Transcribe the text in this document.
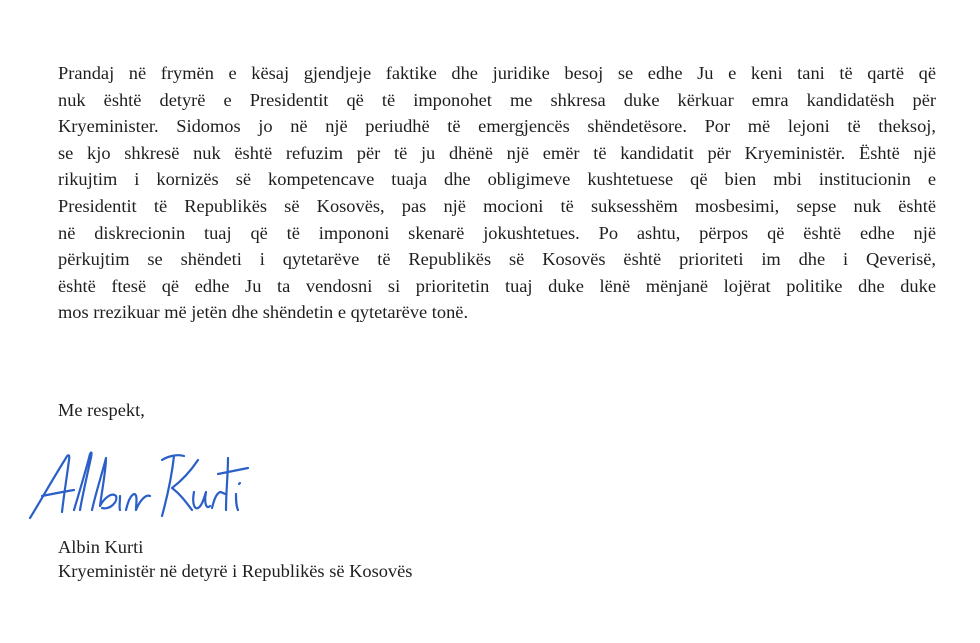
Prandaj në frymën e kësaj gjendjeje faktike dhe juridike besoj se edhe Ju e keni tani të qartë që
nuk është detyrë e Presidentit që të imponohet me shkresa duke kërkuar emra kandidatësh për
Kryeminister. Sidomos jo në një periudhë të emergjencës shëndetësore. Por më lejoni të theksoj,
se kjo shkresë nuk është refuzim për të ju dhënë një emër të kandidatit për Kryeministër. Është një
rikujtim i kornizës së kompetencave tuaja dhe obligimeve kushtetuese që bien mbi institucionin e
Presidentit të Republikës së Kosovës, pas një mocioni të suksesshëm mosbesimi, sepse nuk është
në diskrecionin tuaj që të impononi skenarë jokushtetues. Po ashtu, përpos që është edhe një
përkujtim se shëndeti i qytetarëve të Republikës së Kosovës është prioriteti im dhe i Qeverisë,
është ftesë që edhe Ju ta vendosni si prioritetin tuaj duke lënë mënjanë lojërat politike dhe duke
mos rrezikuar më jetën dhe shëndetin e qytetarëve tonë.

Me respekt,

Albin Kurti

Kryeministër në detyrë i Republikës së Kosovës
